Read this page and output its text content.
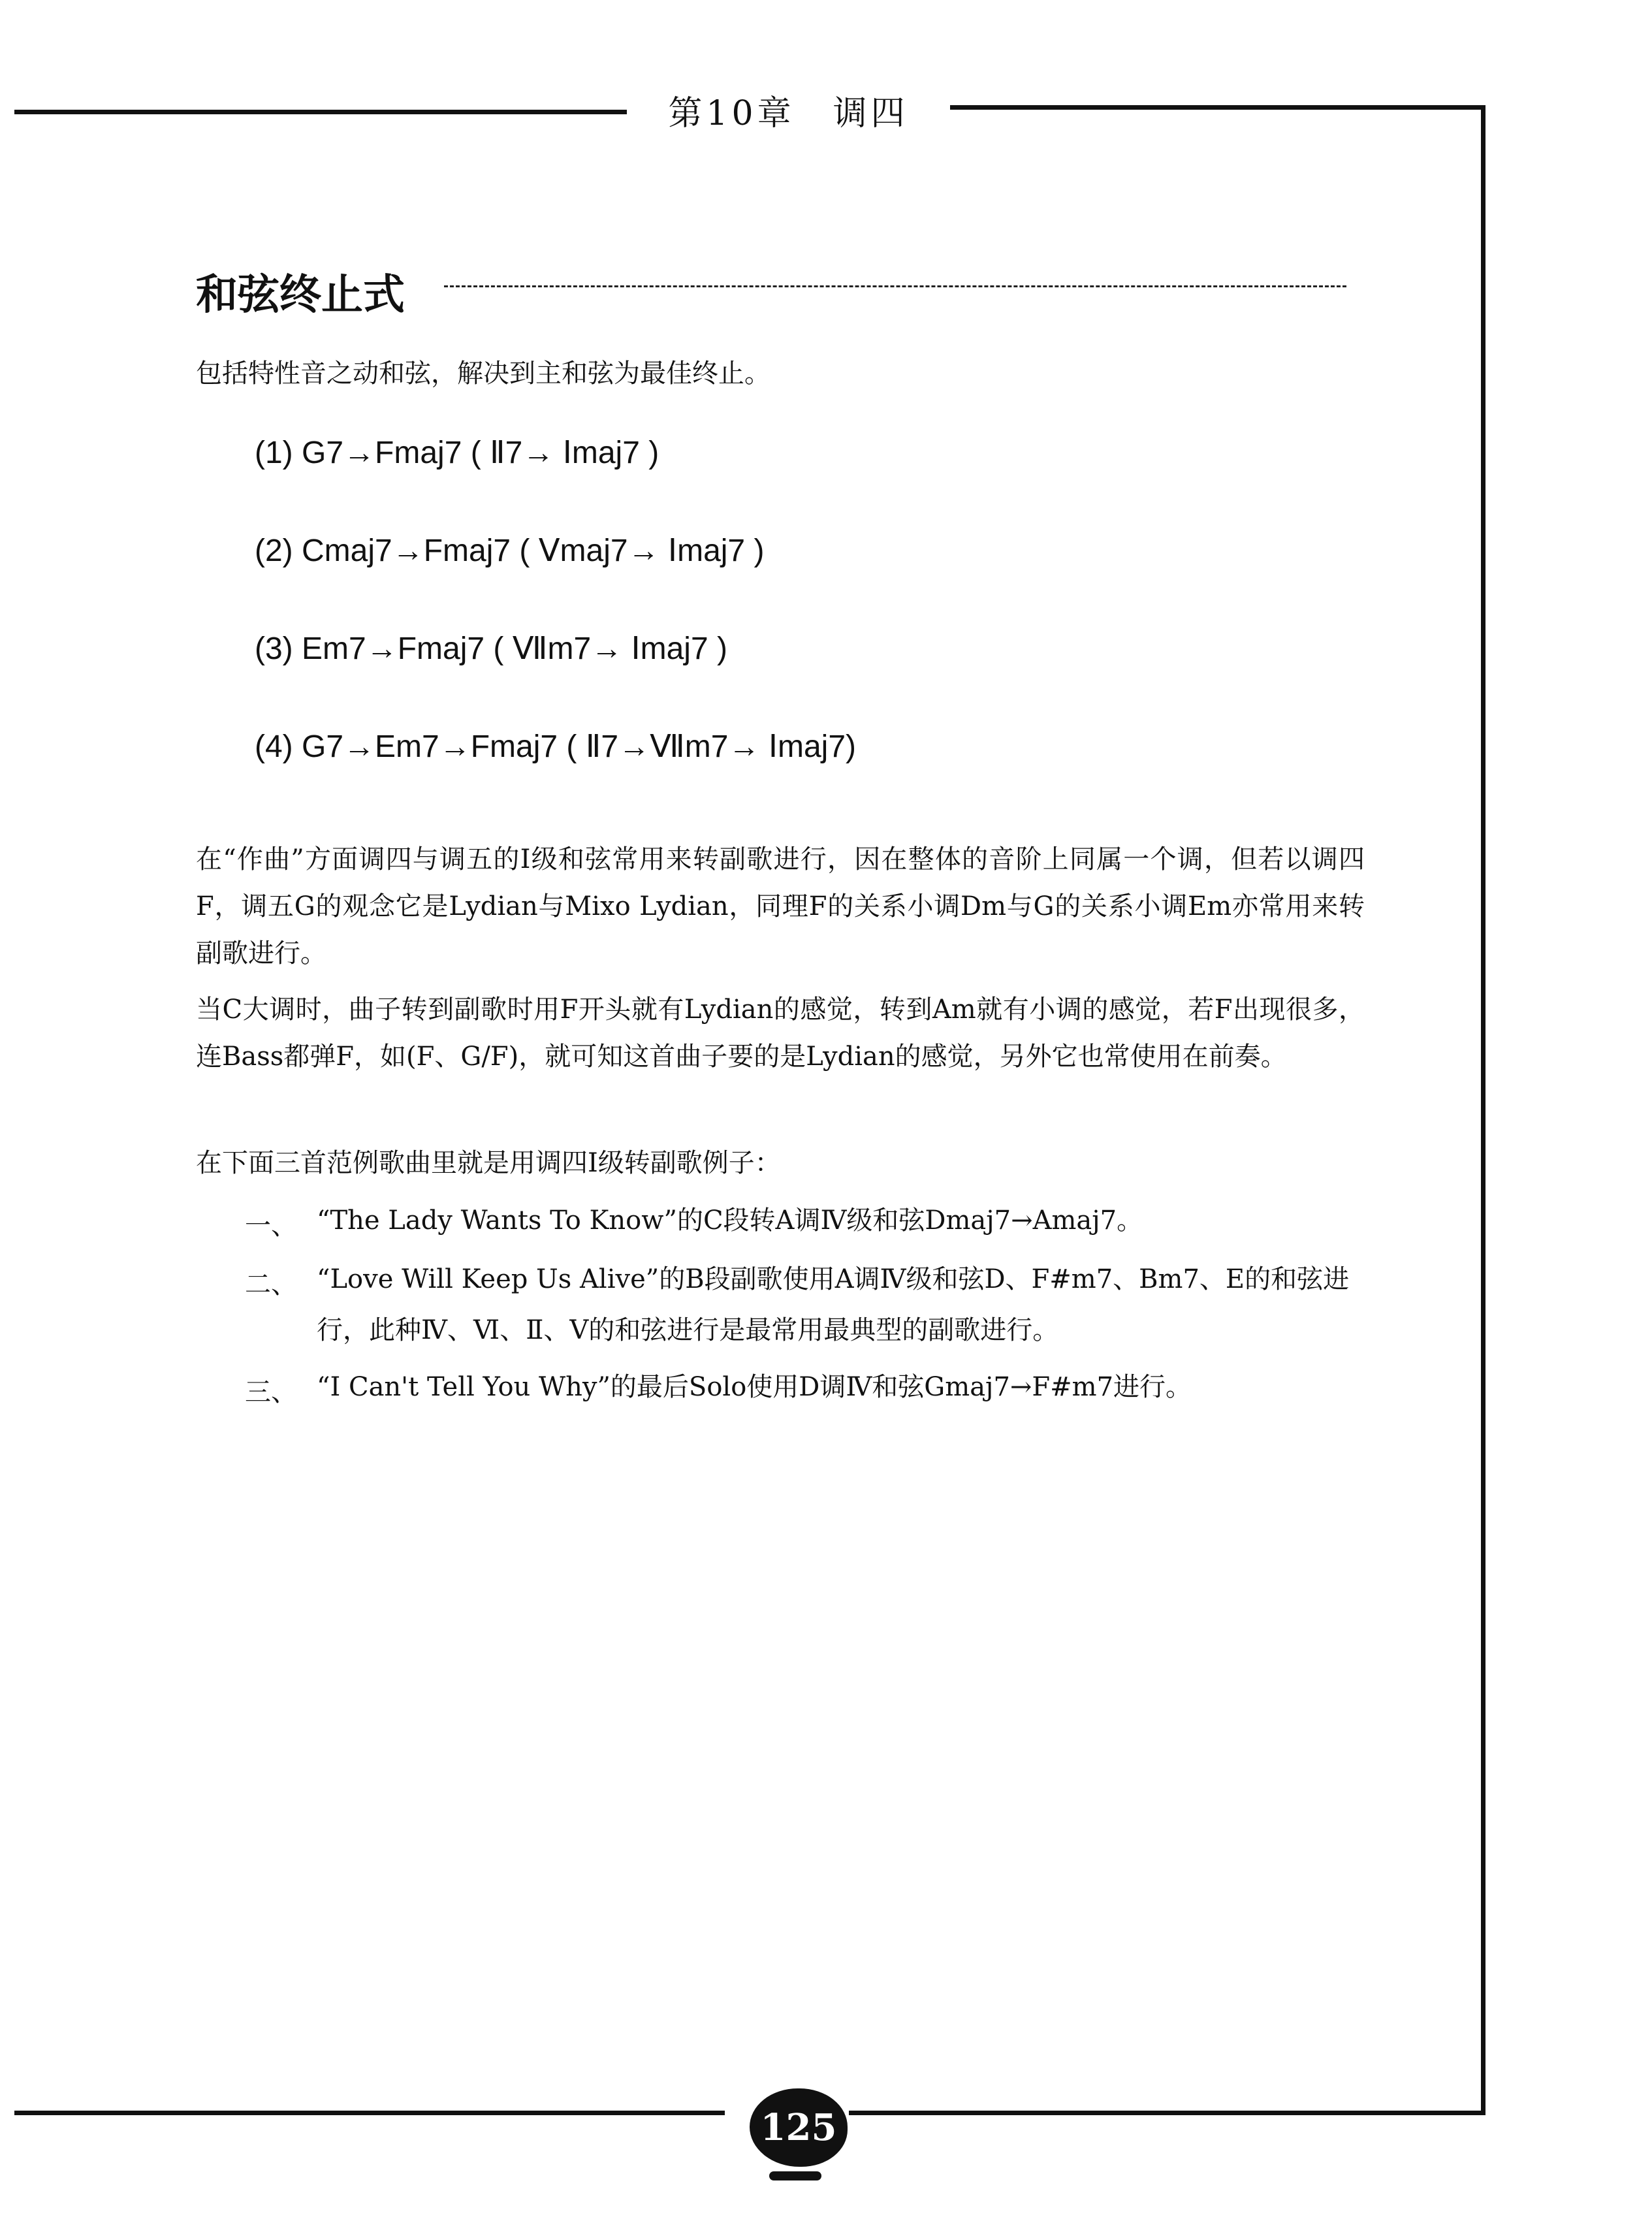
第10章　调四
和弦终止式
包括特性音之动和弦，解决到主和弦为最佳终止。
(1) G7→Fmaj7 ( Ⅱ7→ Ⅰmaj7 )
(2) Cmaj7→Fmaj7 ( Ⅴmaj7→ Ⅰmaj7 )
(3) Em7→Fmaj7 ( Ⅶm7→ Ⅰmaj7 )
(4) G7→Em7→Fmaj7 ( Ⅱ7→Ⅶm7→ Ⅰmaj7)
在“作曲”方面调四与调五的Ⅰ级和弦常用来转副歌进行，因在整体的音阶上同属一个调，但若以调四F，调五G的观念它是Lydian与Mixo Lydian，同理F的关系小调Dm与G的关系小调Em亦常用来转副歌进行。
当C大调时，曲子转到副歌时用F开头就有Lydian的感觉，转到Am就有小调的感觉，若F出现很多，连Bass都弹F，如(F、G/F)，就可知这首曲子要的是Lydian的感觉，另外它也常使用在前奏。
在下面三首范例歌曲里就是用调四Ⅰ级转副歌例子：
一、 “The Lady Wants To Know”的C段转A调Ⅳ级和弦Dmaj7→Amaj7。
二、 “Love Will Keep Us Alive”的B段副歌使用A调Ⅳ级和弦D、F#m7、Bm7、E的和弦进行，此种Ⅳ、Ⅵ、Ⅱ、Ⅴ的和弦进行是最常用最典型的副歌进行。
三、 “I Can't Tell You Why”的最后Solo使用D调Ⅳ和弦Gmaj7→F#m7进行。
125
